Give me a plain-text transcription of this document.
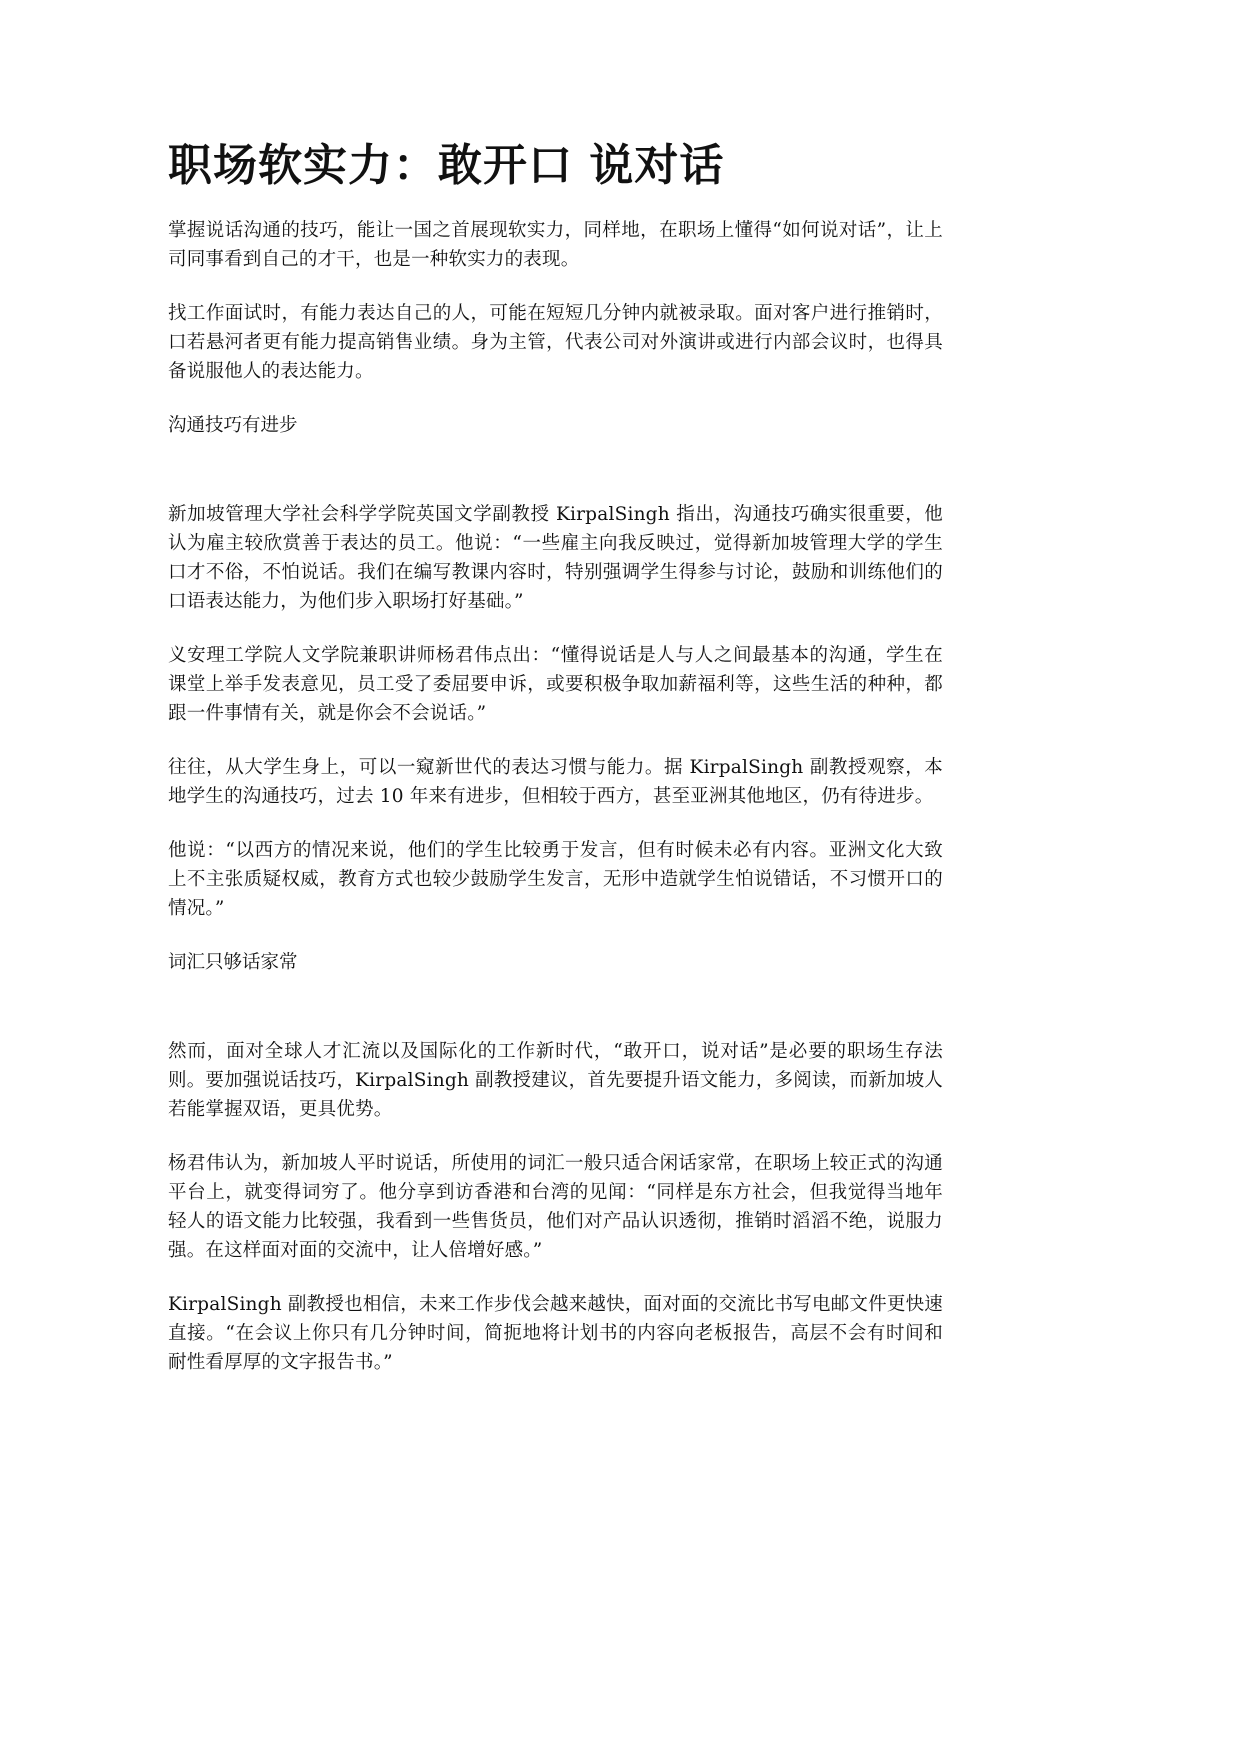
职场软实力：敢开口 说对话

掌握说话沟通的技巧，能让一国之首展现软实力，同样地，在职场上懂得“如何说对话”，让上司同事看到自己的才干，也是一种软实力的表现。

找工作面试时，有能力表达自己的人，可能在短短几分钟内就被录取。面对客户进行推销时，口若悬河者更有能力提高销售业绩。身为主管，代表公司对外演讲或进行内部会议时，也得具备说服他人的表达能力。

沟通技巧有进步

新加坡管理大学社会科学学院英国文学副教授 KirpalSingh 指出，沟通技巧确实很重要，他认为雇主较欣赏善于表达的员工。他说：“一些雇主向我反映过，觉得新加坡管理大学的学生口才不俗，不怕说话。我们在编写教课内容时，特别强调学生得参与讨论，鼓励和训练他们的口语表达能力，为他们步入职场打好基础。”

义安理工学院人文学院兼职讲师杨君伟点出：“懂得说话是人与人之间最基本的沟通，学生在课堂上举手发表意见，员工受了委屈要申诉，或要积极争取加薪福利等，这些生活的种种，都跟一件事情有关，就是你会不会说话。”

往往，从大学生身上，可以一窥新世代的表达习惯与能力。据 KirpalSingh 副教授观察，本地学生的沟通技巧，过去 10 年来有进步，但相较于西方，甚至亚洲其他地区，仍有待进步。

他说：“以西方的情况来说，他们的学生比较勇于发言，但有时候未必有内容。亚洲文化大致上不主张质疑权威，教育方式也较少鼓励学生发言，无形中造就学生怕说错话，不习惯开口的情况。”

词汇只够话家常

然而，面对全球人才汇流以及国际化的工作新时代，“敢开口，说对话”是必要的职场生存法则。要加强说话技巧，KirpalSingh 副教授建议，首先要提升语文能力，多阅读，而新加坡人若能掌握双语，更具优势。

杨君伟认为，新加坡人平时说话，所使用的词汇一般只适合闲话家常，在职场上较正式的沟通平台上，就变得词穷了。他分享到访香港和台湾的见闻：“同样是东方社会，但我觉得当地年轻人的语文能力比较强，我看到一些售货员，他们对产品认识透彻，推销时滔滔不绝，说服力强。在这样面对面的交流中，让人倍增好感。”

KirpalSingh 副教授也相信，未来工作步伐会越来越快，面对面的交流比书写电邮文件更快速直接。“在会议上你只有几分钟时间，简扼地将计划书的内容向老板报告，高层不会有时间和耐性看厚厚的文字报告书。”
